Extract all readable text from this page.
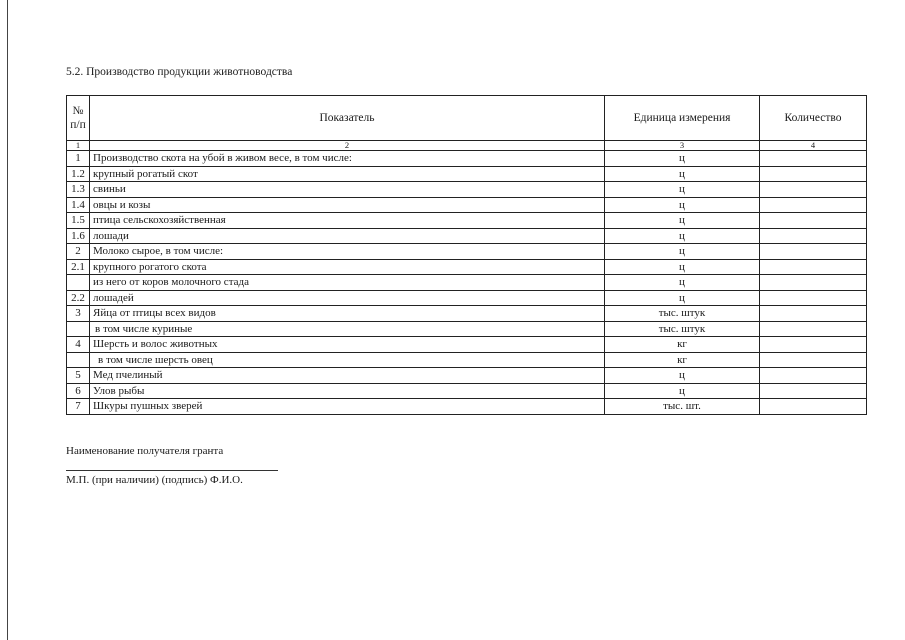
5.2. Производство продукции животноводства
№
п/п	Показатель	Единица измерения	Количество
1	2	3	4
1	Производство скота на убой в живом весе, в том числе:	ц	
1.2	крупный рогатый скот	ц	
1.3	свиньи	ц	
1.4	овцы и козы	ц	
1.5	птица сельскохозяйственная	ц	
1.6	лошади	ц	
2	Молоко сырое, в том числе:	ц	
2.1	крупного рогатого скота	ц	
	из него от коров молочного стада	ц	
2.2	лошадей	ц	
3	Яйца от птицы всех видов	тыс. штук	
	в том числе куриные	тыс. штук	
4	Шерсть и волос животных	кг	
	в том числе шерсть овец	кг	
5	Мед пчелиный	ц	
6	Улов рыбы	ц	
7	Шкуры пушных зверей	тыс. шт.	
Наименование получателя гранта
М.П. (при наличии) (подпись) Ф.И.О.
